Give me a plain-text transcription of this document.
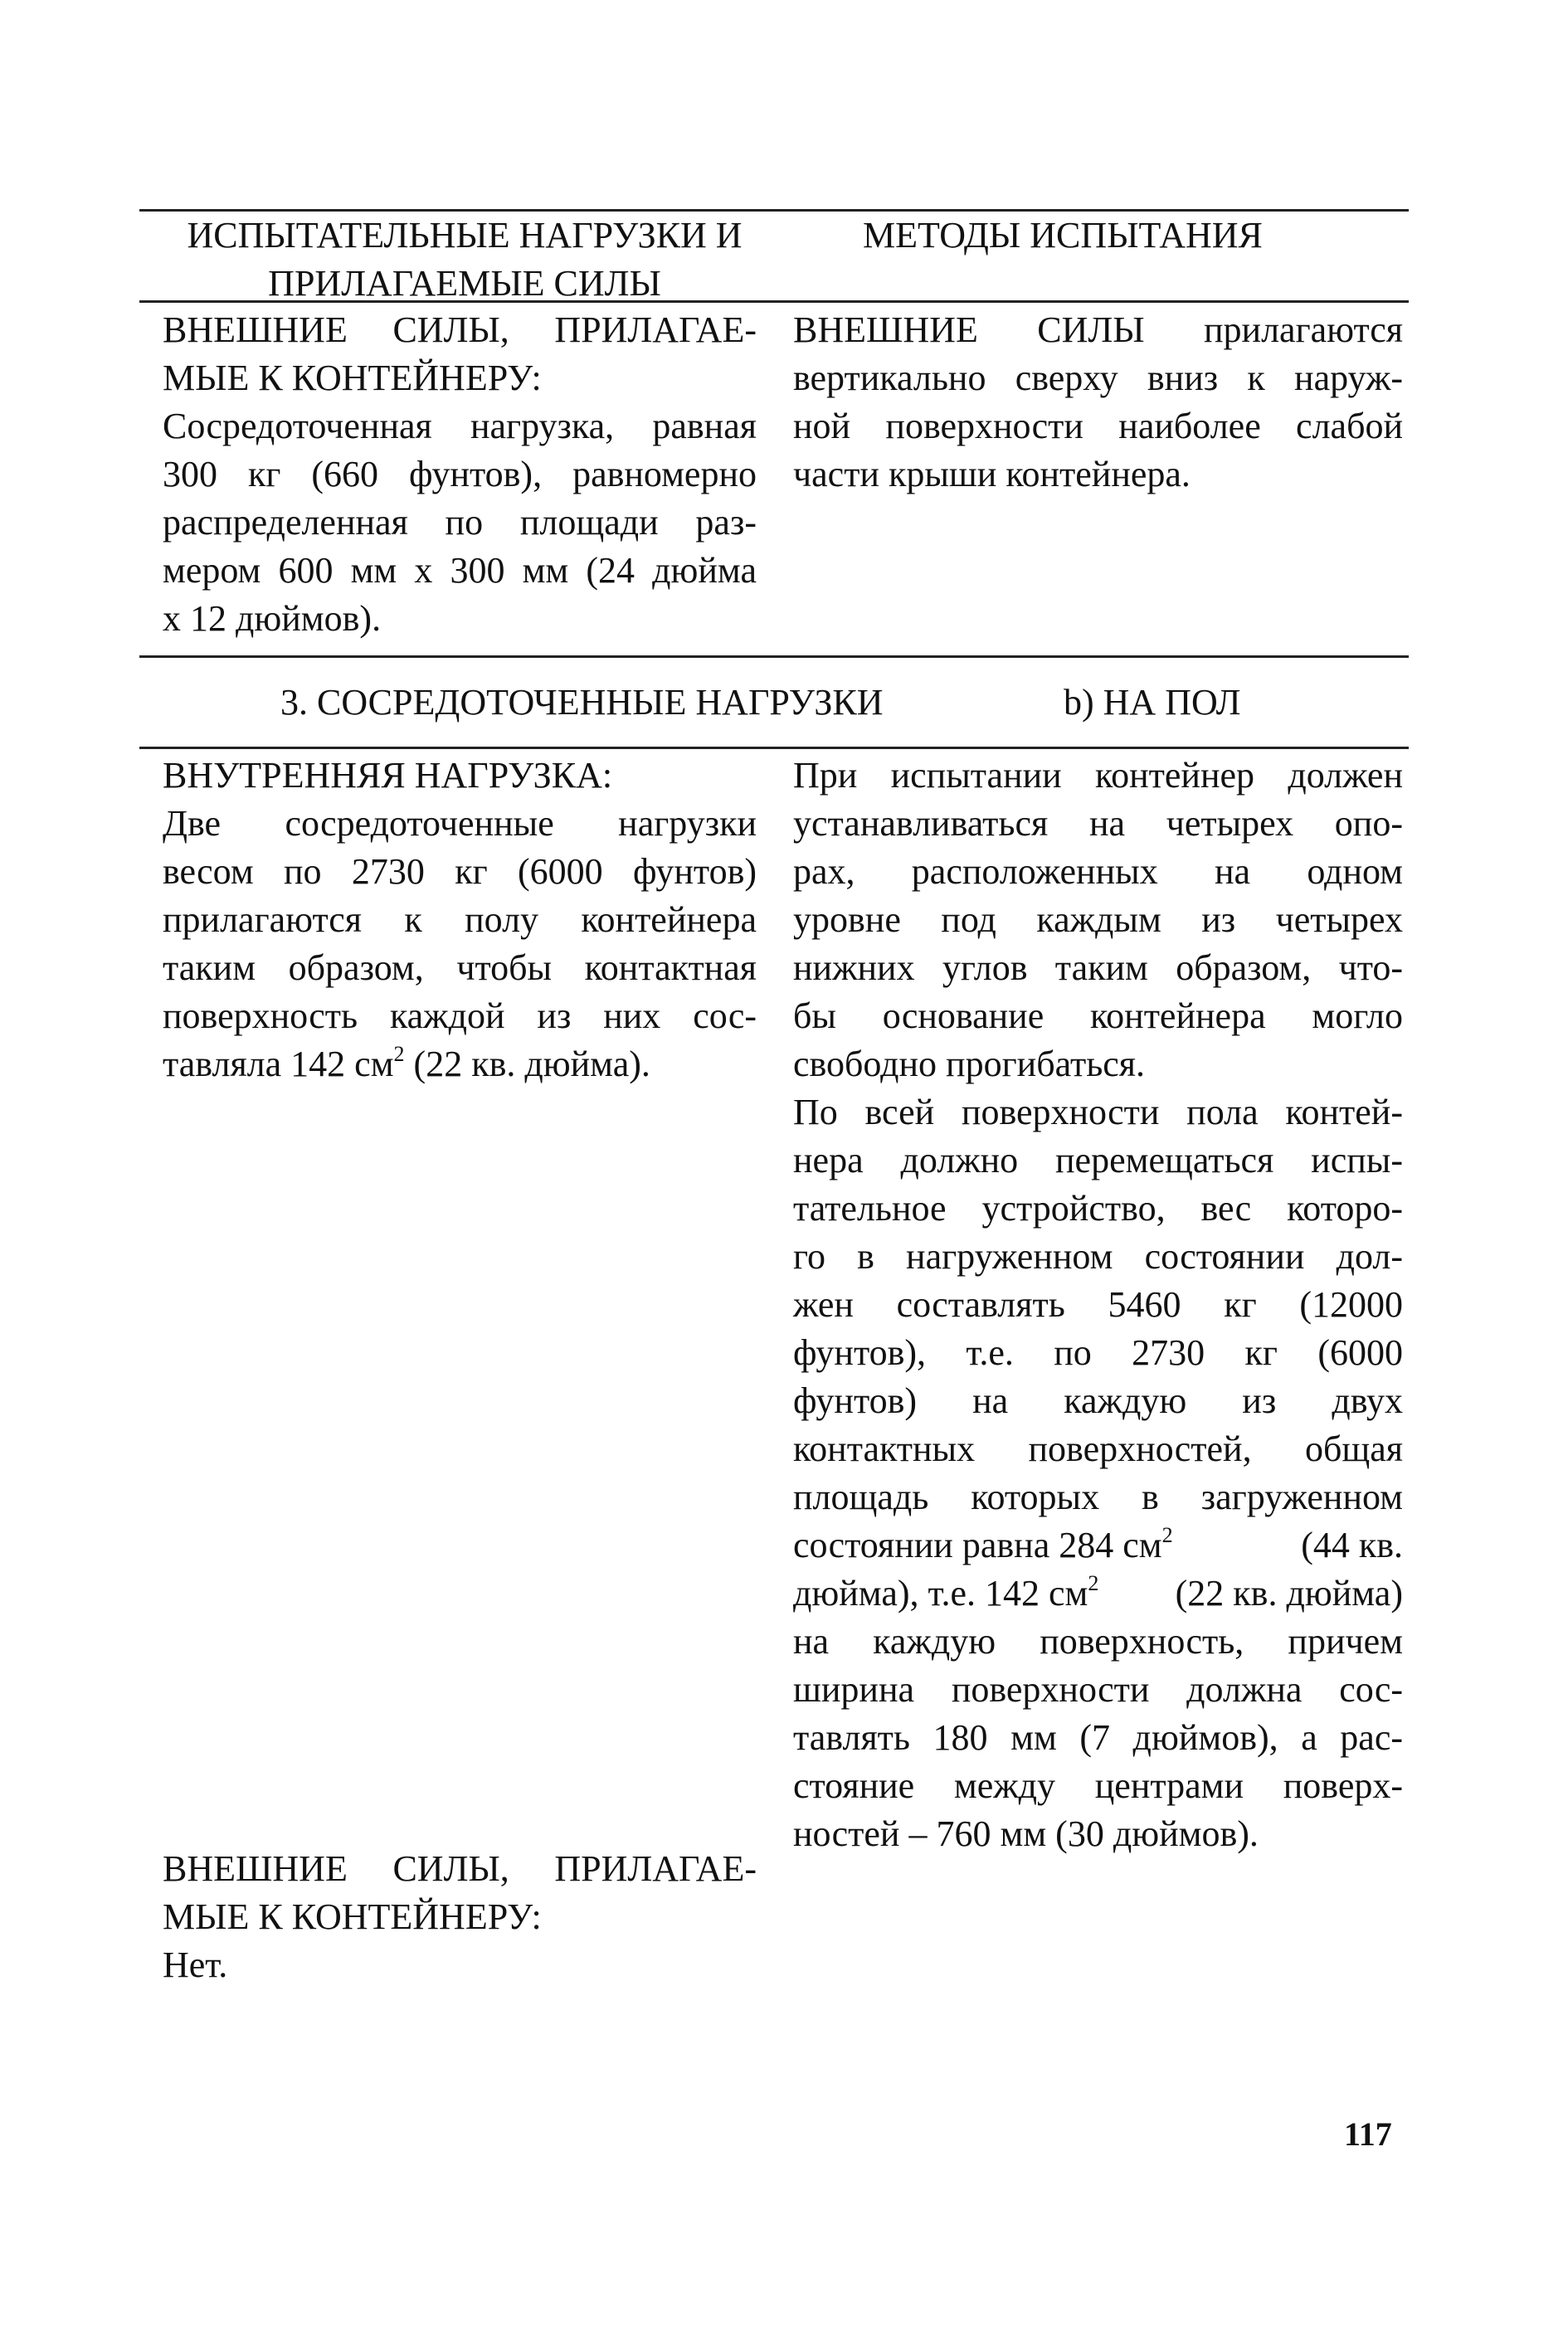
ИСПЫТАТЕЛЬНЫЕ НАГРУЗКИ И
ПРИЛАГАЕМЫЕ СИЛЫ
МЕТОДЫ ИСПЫТАНИЯ
ВНЕШНИЕ СИЛЫ, ПРИЛАГАЕ-
МЫЕ К КОНТЕЙНЕРУ:
Сосредоточенная нагрузка, равная
300 кг (660 фунтов), равномерно
распределенная по площади раз-
мером 600 мм х 300 мм (24 дюйма
х 12 дюймов).
ВНЕШНИЕ СИЛЫ прилагаются
вертикально сверху вниз к наруж-
ной поверхности наиболее слабой
части крыши контейнера.
3. СОСРЕДОТОЧЕННЫЕ НАГРУЗКИ	b) НА ПОЛ
ВНУТРЕННЯЯ НАГРУЗКА:
Две сосредоточенные нагрузки
весом по 2730 кг (6000 фунтов)
прилагаются к полу контейнера
таким образом, чтобы контактная
поверхность каждой из них сос-
тавляла 142 $см^2$ (22 кв. дюйма).
При испытании контейнер должен
устанавливаться на четырех опо-
рах, расположенных на одном
уровне под каждым из четырех
нижних углов таким образом, что-
бы основание контейнера могло
свободно прогибаться.
По всей поверхности пола контей-
нера должно перемещаться испы-
тательное устройство, вес которо-
го в нагруженном состоянии дол-
жен составлять 5460 кг (12000
фунтов), т.е. по 2730 кг (6000
фунтов) на каждую из двух
контактных поверхностей, общая
площадь которых в загруженном
состоянии равна 284 $см^2$	(44 кв.
дюйма), т.е. 142 $см^2$ (22 кв. дюйма)
на каждую поверхность, причем
ширина поверхности должна сос-
тавлять 180 мм (7 дюймов), а рас-
стояние между центрами поверх-
ностей – 760 мм (30 дюймов).
ВНЕШНИЕ СИЛЫ, ПРИЛАГАЕ-
МЫЕ К КОНТЕЙНЕРУ:
Нет.
117
